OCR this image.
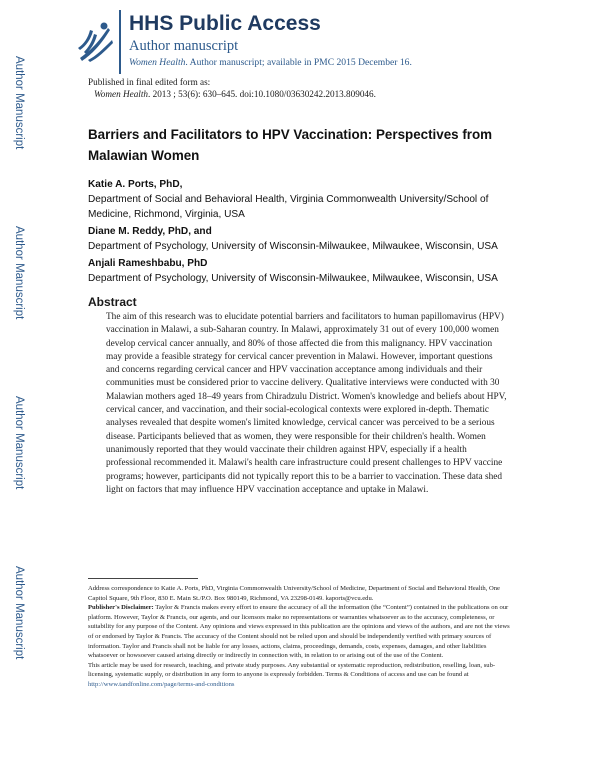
Author Manuscript
Author Manuscript
Author Manuscript
Author Manuscript
HHS Public Access
Author manuscript
Women Health. Author manuscript; available in PMC 2015 December 16.
Published in final edited form as:
Women Health. 2013 ; 53(6): 630–645. doi:10.1080/03630242.2013.809046.
Barriers and Facilitators to HPV Vaccination: Perspectives from Malawian Women
Katie A. Ports, PhD,
Department of Social and Behavioral Health, Virginia Commonwealth University/School of Medicine, Richmond, Virginia, USA
Diane M. Reddy, PhD, and
Department of Psychology, University of Wisconsin-Milwaukee, Milwaukee, Wisconsin, USA
Anjali Rameshbabu, PhD
Department of Psychology, University of Wisconsin-Milwaukee, Milwaukee, Wisconsin, USA
Abstract

The aim of this research was to elucidate potential barriers and facilitators to human papillomavirus (HPV) vaccination in Malawi, a sub-Saharan country. In Malawi, approximately 31 out of every 100,000 women develop cervical cancer annually, and 80% of those affected die from this malignancy. HPV vaccination may provide a feasible strategy for cervical cancer prevention in Malawi. However, important questions and concerns regarding cervical cancer and HPV vaccination acceptance among individuals and their communities must be considered prior to vaccine delivery. Qualitative interviews were conducted with 30 Malawian mothers aged 18–49 years from Chiradzulu District. Women's knowledge and beliefs about HPV, cervical cancer, and vaccination, and their social-ecological contexts were explored in-depth. Thematic analyses revealed that despite women's limited knowledge, cervical cancer was perceived to be a serious disease. Participants believed that as women, they were responsible for their children's health. Women unanimously reported that they would vaccinate their children against HPV, especially if a health professional recommended it. Malawi's health care infrastructure could present challenges to HPV vaccine programs; however, participants did not typically report this to be a barrier to vaccination. These data shed light on factors that may influence HPV vaccination acceptance and uptake in Malawi.

Address correspondence to Katie A. Ports, PhD, Virginia Commonwealth University/School of Medicine, Department of Social and Behavioral Health, One Capitol Square, 9th Floor, 830 E. Main St./P.O. Box 980149, Richmond, VA 23298-0149. kaports@vcu.edu.
Publisher's Disclaimer: Taylor & Francis makes every effort to ensure the accuracy of all the information (the “Content”) contained in the publications on our platform. However, Taylor & Francis, our agents, and our licensors make no representations or warranties whatsoever as to the accuracy, completeness, or suitability for any purpose of the Content. Any opinions and views expressed in this publication are the opinions and views of the authors, and are not the views of or endorsed by Taylor & Francis. The accuracy of the Content should not be relied upon and should be independently verified with primary sources of information. Taylor and Francis shall not be liable for any losses, actions, claims, proceedings, demands, costs, expenses, damages, and other liabilities whatsoever or howsoever caused arising directly or indirectly in connection with, in relation to or arising out of the use of the Content.
This article may be used for research, teaching, and private study purposes. Any substantial or systematic reproduction, redistribution, reselling, loan, sub-licensing, systematic supply, or distribution in any form to anyone is expressly forbidden. Terms & Conditions of access and use can be found at http://www.tandfonline.com/page/terms-and-conditions
